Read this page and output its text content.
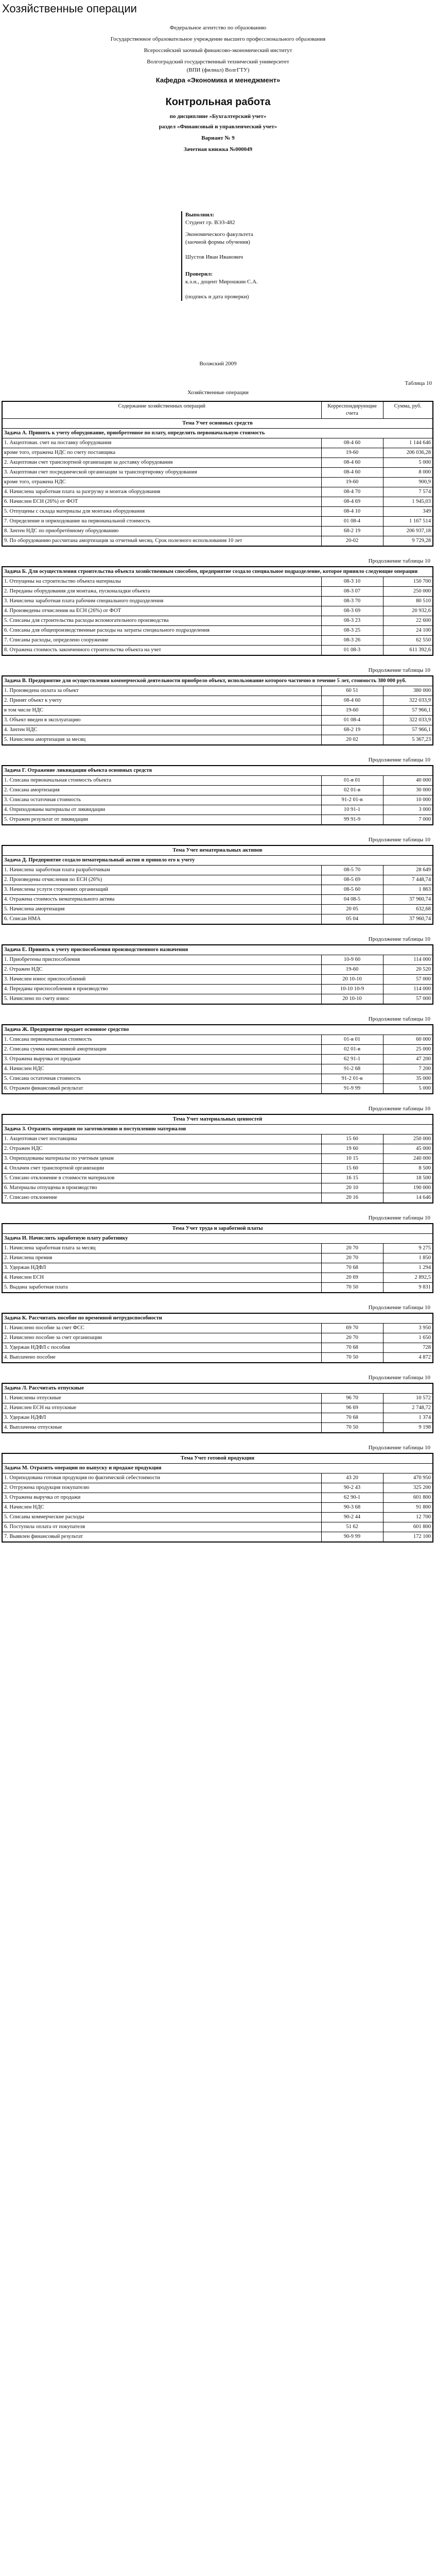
Хозяйственные операции
Федеральное агентство по образованию
Государственное образовательное учреждение высшего профессионального образования
Всероссийский заочный финансово-экономический институт
Волгоградский государственный технический университет
(ВПИ (филиал) ВолгГТУ)
Кафедра «Экономика и менеджмент»
Контрольная работа
по дисциплине «Бухгалтерский учет»
раздел «Финансовый и управленческий учет»
Вариант № 9
Зачетная книжка №000049
Выполнил:
Студент гр. ВЭЗ-482
Экономического факультета
(заочной формы обучения)
Шустов Иван Иванович
Проверил:
к.э.н., доцент Мирошкин С.А.
(подпись и дата проверки)
Волжский 2009
Таблица 10
Хозяйственные операции
Содержание хозяйственных операций	Корреспондирующие счета	Сумма, руб.
Тема Учет основных средств		
Задача А. Принять к учету оборудование, приобретенное по плату, определить первоначальную стоимость		
1. Акцептован. счет на поставку оборудования	08-4 60	1 144 646
кроме того, отражена НДС по счету поставщика	19-60	206 036,28
2. Акцептован счет транспортной организации за доставку оборудования	08-4 60	5 000
3. Акцептован счет посреднической организации за транспортировку оборудования	08-4 60	8 000
кроме того, отражена НДС	19-60	900,9
4. Начислена заработная плата за разгрузку и монтаж оборудования	08-4 70	7 574
6. Начислен ЕСН (26%) от ФОТ	08-4 69	1 945,03
5. Отпущены с склада материалы для монтажа оборудования	08-4 10	349
7. Определение и оприходование на первоначальной стоимость	01 08-4	1 167 514
8. Зачтен НДС по приобретённому оборудованию	68-2 19	206 937,18
9. По оборудованию рассчитана амортизация за отчетный месяц. Срок полезного использования 10 лет	20-02	9 729,28
Продолжение таблицы 10
Задача Б. Для осуществления строительства объекта хозяйственным способом, предприятие создало специальное подразделение, которое приняло следующие операции		
1. Отпущены на строительство объекта материалы	08-3 10	150 700
2. Переданы оборудования для монтажа, пусконаладки объекта	08-3 07	250 000
3. Начислена заработная плата рабочим специального подразделения	08-3 70	80 510
4. Произведены отчисления на ЕСН (26%) от ФОТ	08-3 69	20 932,6
5. Списаны для строительства расходы вспомогательного производства	08-3 23	22 600
6. Списаны для общепроизводственные расходы на затраты специального подразделения	08-3 25	24 100
7. Списаны расходы, определено сооружение	08-3 26	62 550
8. Отражена стоимость законченного строительства объекта на учет	01 08-3	611 392,6
Продолжение таблицы 10
Задача В. Предприятие для осуществления коммерческой деятельности приобрело объект, использование которого частично в течение 5 лет, стоимость 380 000 руб.		
1. Произведена оплата за объект	60 51	380 000
2. Принят объект к учету	08-4 60	322 033,9
в том числе НДС	19-60	57 966,1
3. Объект введен в эксплуатацию	01 08-4	322 033,9
4. Зачтен НДС	68-2 19	57 966,1
5. Начислена амортизация за месяц	20 02	5 367,23
Продолжение таблицы 10
Задача Г. Отражение ликвидации объекта основных средств		
1. Списана первоначальная стоимость объекта	01-в 01	40 000
2. Списана амортизация	02 01-в	30 000
3. Списана остаточная стоимость	91-2 01-в	10 000
4. Оприходованы материалы от ликвидации	10 91-1	3 000
5. Отражен результат от ликвидации	99 91-9	7 000
Продолжение таблицы 10
Тема Учет нематериальных активов		
Задача Д. Предприятие создало нематериальный актив и приняло его к учету		
1. Начислена заработная плата разработчикам	08-5 70	28 649
2. Произведены отчисления по ЕСН (26%)	08-5 69	7 448,74
3. Начислены услуги сторонних организаций	08-5 60	1 863
4. Отражена стоимость нематериального актива	04 08-5	37 960,74
5. Начислена амортизация	20 05	632,68
6. Списан НМА	05 04	37 960,74
Продолжение таблицы 10
Задача Е. Принять к учету приспособления производственного назначения		
1. Приобретены приспособления	10-9 60	114 000
2. Отражен НДС	19-60	20 520
3. Начислен износ приспособлений	20 10-10	57 000
4. Переданы приспособления в производство	10-10 10-9	114 000
5. Начислено по счету износ	20 10-10	57 000
Продолжение таблицы 10
Задача Ж. Предприятие продает основное средство		
1. Списана первоначальная стоимость	01-в 01	60 000
2. Списана сумма начисленной амортизации	02 01-в	25 000
3. Отражена выручка от продажи	62 91-1	47 200
4. Начислен НДС	91-2 68	7 200
5. Списана остаточная стоимость	91-2 01-в	35 000
6. Отражен финансовый результат	91-9 99	5 000
Продолжение таблицы 10
Тема Учет материальных ценностей		
Задача З. Отразить операции по заготовлению и поступлению материалов		
1. Акцептован счет поставщика	15 60	250 000
2. Отражен НДС	19 60	45 000
3. Оприходованы материалы по учетным ценам	10 15	240 000
4. Оплачен счет транспортной организации	15 60	8 500
5. Списано отклонение в стоимости материалов	16 15	18 500
6. Материалы отпущены в производство	20 10	190 000
7. Списано отклонение	20 16	14 646
Продолжение таблицы 10
Тема Учет труда и заработной платы		
Задача И. Начислить заработную плату работнику		
1. Начислена заработная плата за месяц	20 70	9 275
2. Начислена премия	20 70	1 850
3. Удержан НДФЛ	70 68	1 294
4. Начислен ЕСН	20 69	2 892,5
5. Выдана заработная плата	70 50	9 831
Продолжение таблицы 10
Задача К. Рассчитать пособие по временной нетрудоспособности		
1. Начислено пособие за счет ФСС	69 70	3 950
2. Начислено пособие за счет организации	20 70	1 650
3. Удержан НДФЛ с пособия	70 68	728
4. Выплачено пособие	70 50	4 872
Продолжение таблицы 10
Задача Л. Рассчитать отпускные		
1. Начислены отпускные	96 70	10 572
2. Начислен ЕСН на отпускные	96 69	2 748,72
3. Удержан НДФЛ	70 68	1 374
4. Выплачены отпускные	70 50	9 198
Продолжение таблицы 10
Тема Учет готовой продукции		
Задача М. Отразить операции по выпуску и продаже продукции		
1. Оприходована готовая продукция по фактической себестоимости	43 20	470 950
2. Отгружена продукция покупателю	90-2 43	325 200
3. Отражена выручка от продажи	62 90-1	601 800
4. Начислен НДС	90-3 68	91 800
5. Списаны коммерческие расходы	90-2 44	12 700
6. Поступила оплата от покупателя	51 62	601 800
7. Выявлен финансовый результат	90-9 99	172 100
